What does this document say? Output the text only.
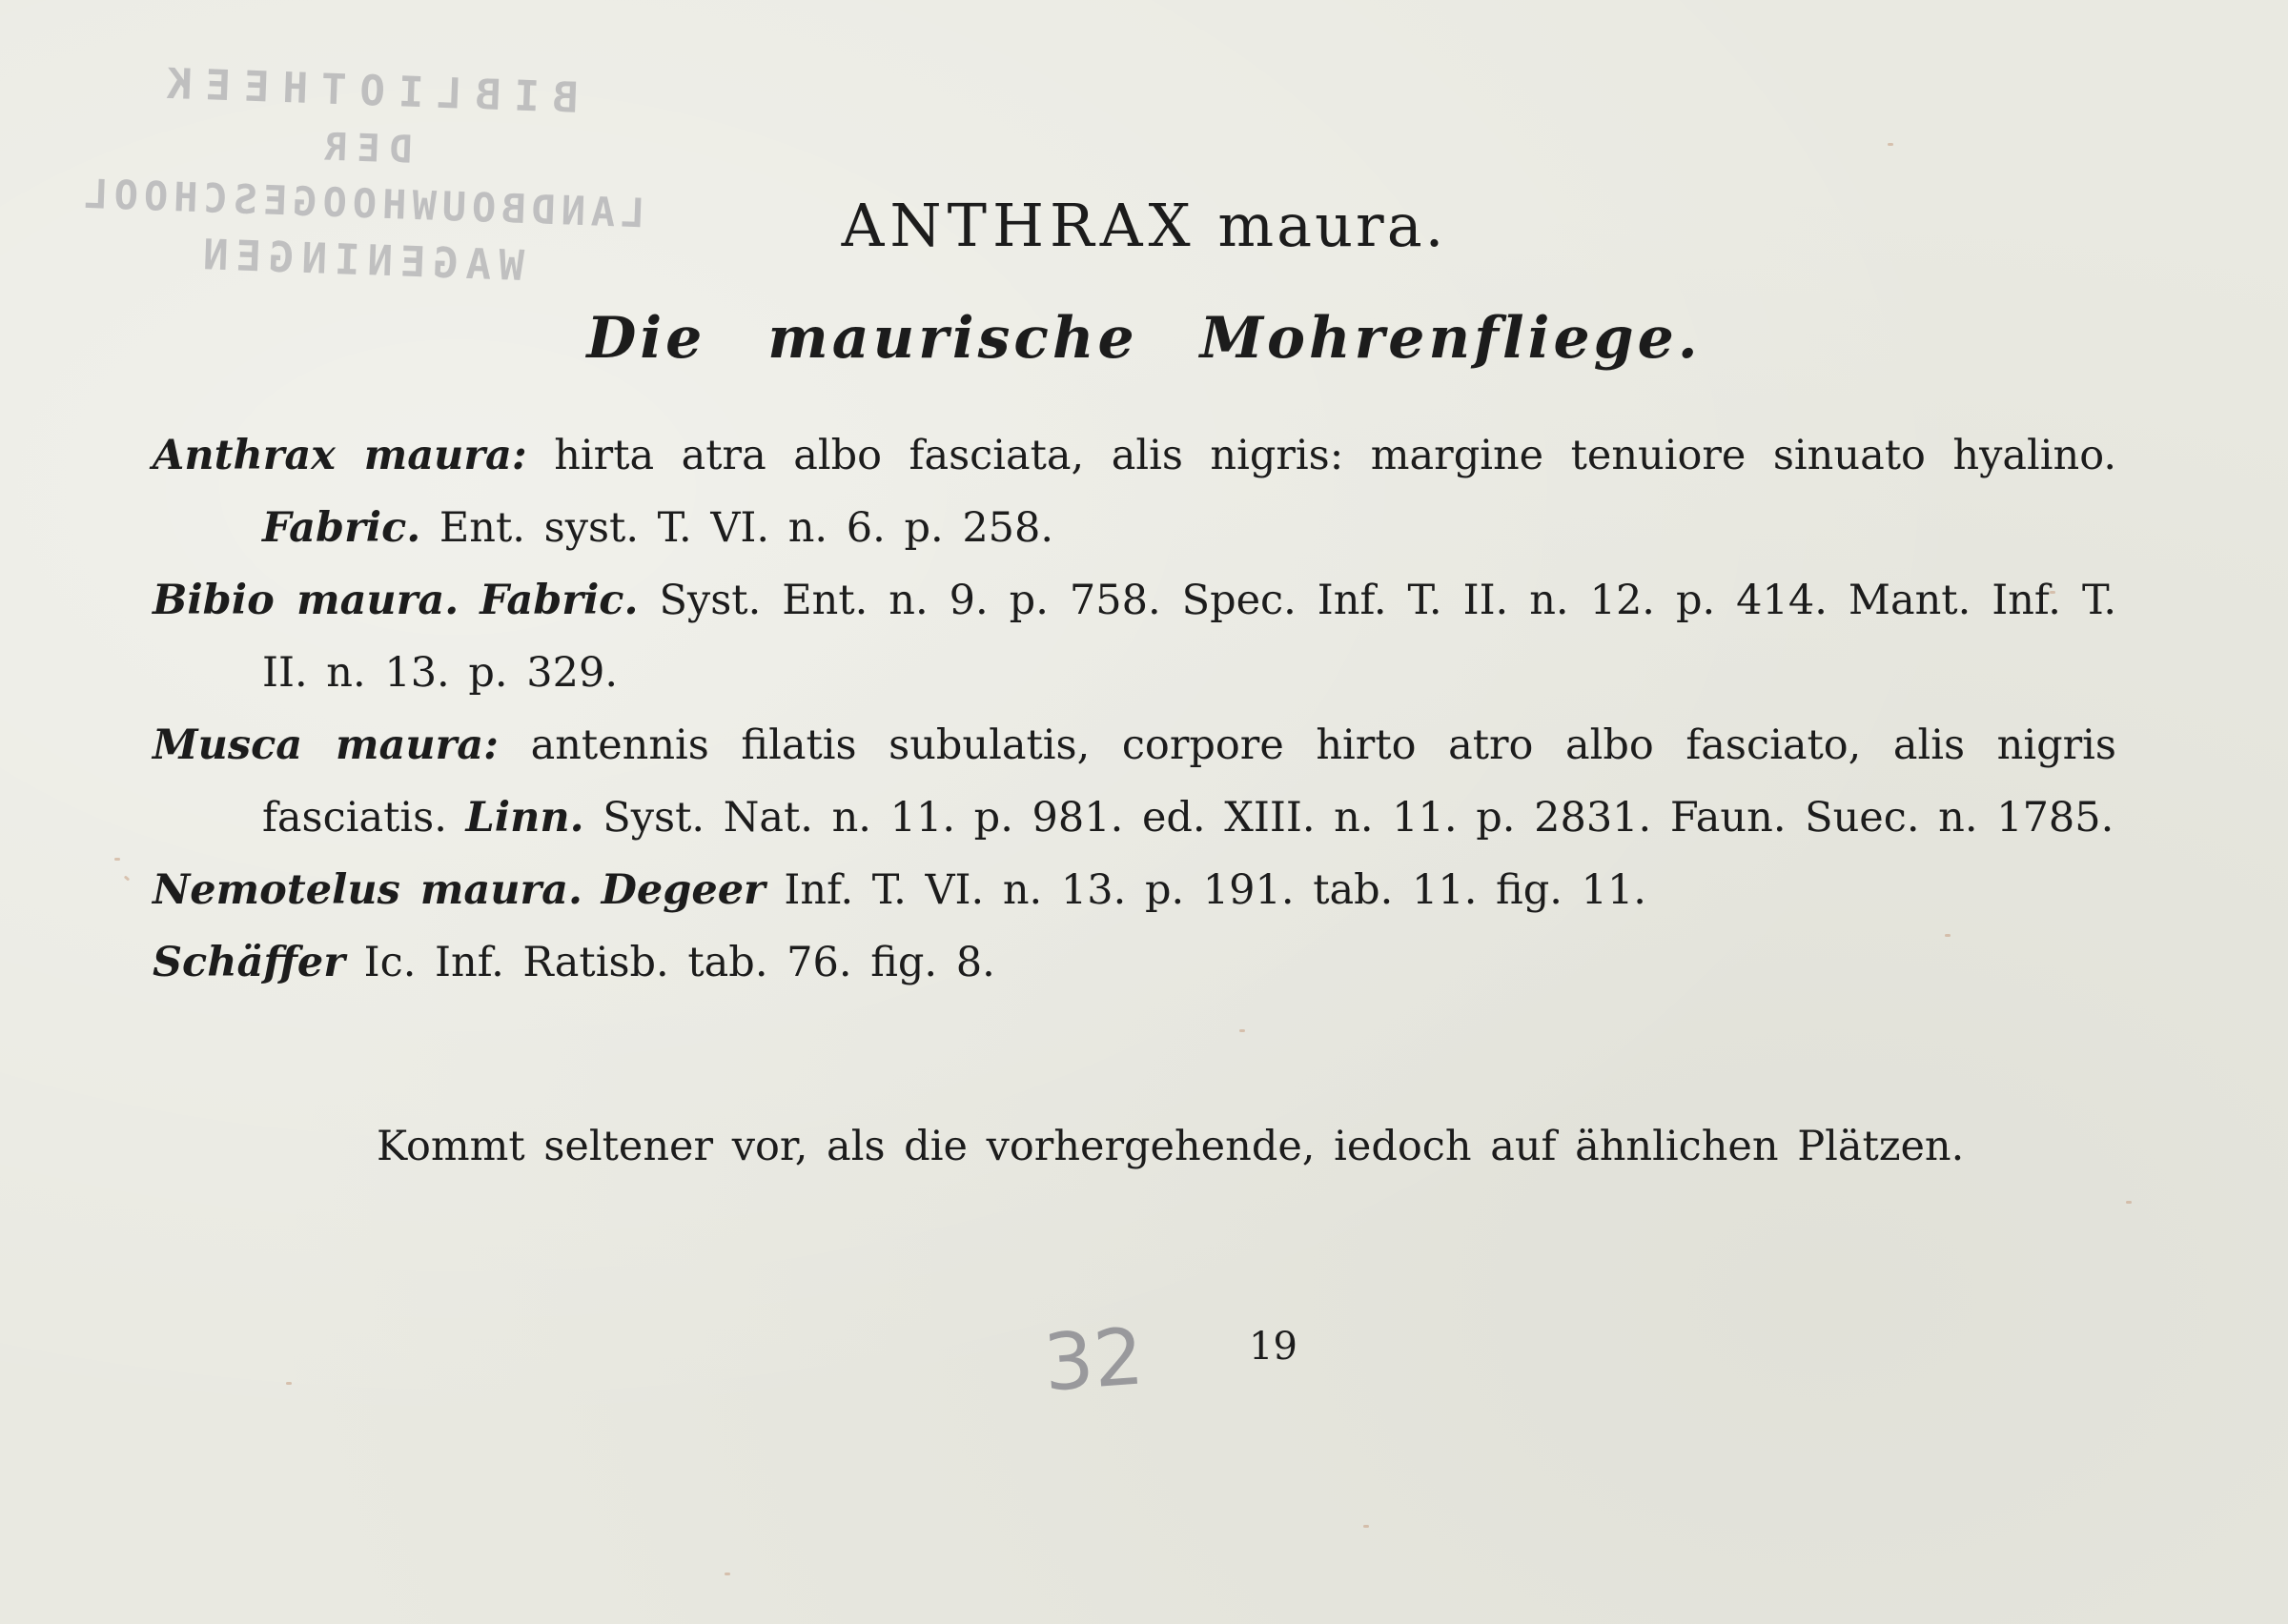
BIBLIOTHEEK
DER
LANDBOUWHOOGESCHOOL
WAGENINGEN
ANTHRAX maura.
Die maurische Mohrenfliege.
Anthrax maura: hirta atra albo fasciata, alis nigris: margine tenuiore sinuato hyalino. Fabric. Ent. syst. T. VI. n. 6. p. 258.
Bibio maura. Fabric. Syst. Ent. n. 9. p. 758. Spec. Inf. T. II. n. 12. p. 414. Mant. Inf. T. II. n. 13. p. 329.
Musca maura: antennis filatis subulatis, corpore hirto atro albo fasciato, alis nigris fasciatis. Linn. Syst. Nat. n. 11. p. 981. ed. XIII. n. 11. p. 2831. Faun. Suec. n. 1785.
Nemotelus maura. Degeer Inf. T. VI. n. 13. p. 191. tab. 11. fig. 11.
Schäffer Ic. Inf. Ratisb. tab. 76. fig. 8.
Kommt seltener vor, als die vorhergehende, iedoch auf ähnlichen Plätzen.
32	19
